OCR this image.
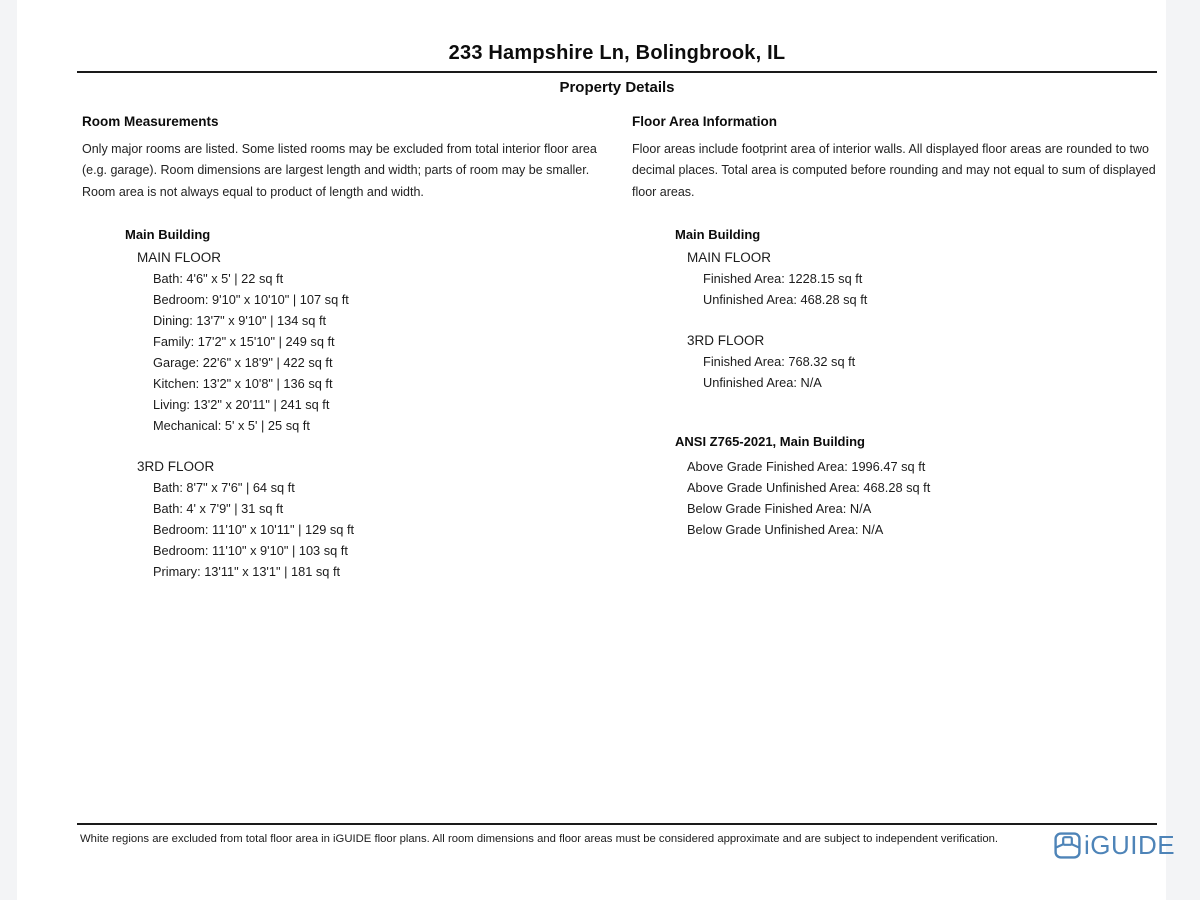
233 Hampshire Ln, Bolingbrook, IL
Property Details
Room Measurements

Only major rooms are listed. Some listed rooms may be excluded from total interior floor area (e.g. garage). Room dimensions are largest length and width; parts of room may be smaller. Room area is not always equal to product of length and width.

Main Building
MAIN FLOOR
Bath: 4'6" x 5' | 22 sq ft
Bedroom: 9'10" x 10'10" | 107 sq ft
Dining: 13'7" x 9'10" | 134 sq ft
Family: 17'2" x 15'10" | 249 sq ft
Garage: 22'6" x 18'9" | 422 sq ft
Kitchen: 13'2" x 10'8" | 136 sq ft
Living: 13'2" x 20'11" | 241 sq ft
Mechanical: 5' x 5' | 25 sq ft
3RD FLOOR
Bath: 8'7" x 7'6" | 64 sq ft
Bath: 4' x 7'9" | 31 sq ft
Bedroom: 11'10" x 10'11" | 129 sq ft
Bedroom: 11'10" x 9'10" | 103 sq ft
Primary: 13'11" x 13'1" | 181 sq ft
Floor Area Information

Floor areas include footprint area of interior walls. All displayed floor areas are rounded to two decimal places. Total area is computed before rounding and may not equal to sum of displayed floor areas.

Main Building
MAIN FLOOR
Finished Area: 1228.15 sq ft
Unfinished Area: 468.28 sq ft
3RD FLOOR
Finished Area: 768.32 sq ft
Unfinished Area: N/A
ANSI Z765-2021, Main Building
Above Grade Finished Area: 1996.47 sq ft
Above Grade Unfinished Area: 468.28 sq ft
Below Grade Finished Area: N/A
Below Grade Unfinished Area: N/A
White regions are excluded from total floor area in iGUIDE floor plans. All room dimensions and floor areas must be considered approximate and are subject to independent verification.	iGUIDE
